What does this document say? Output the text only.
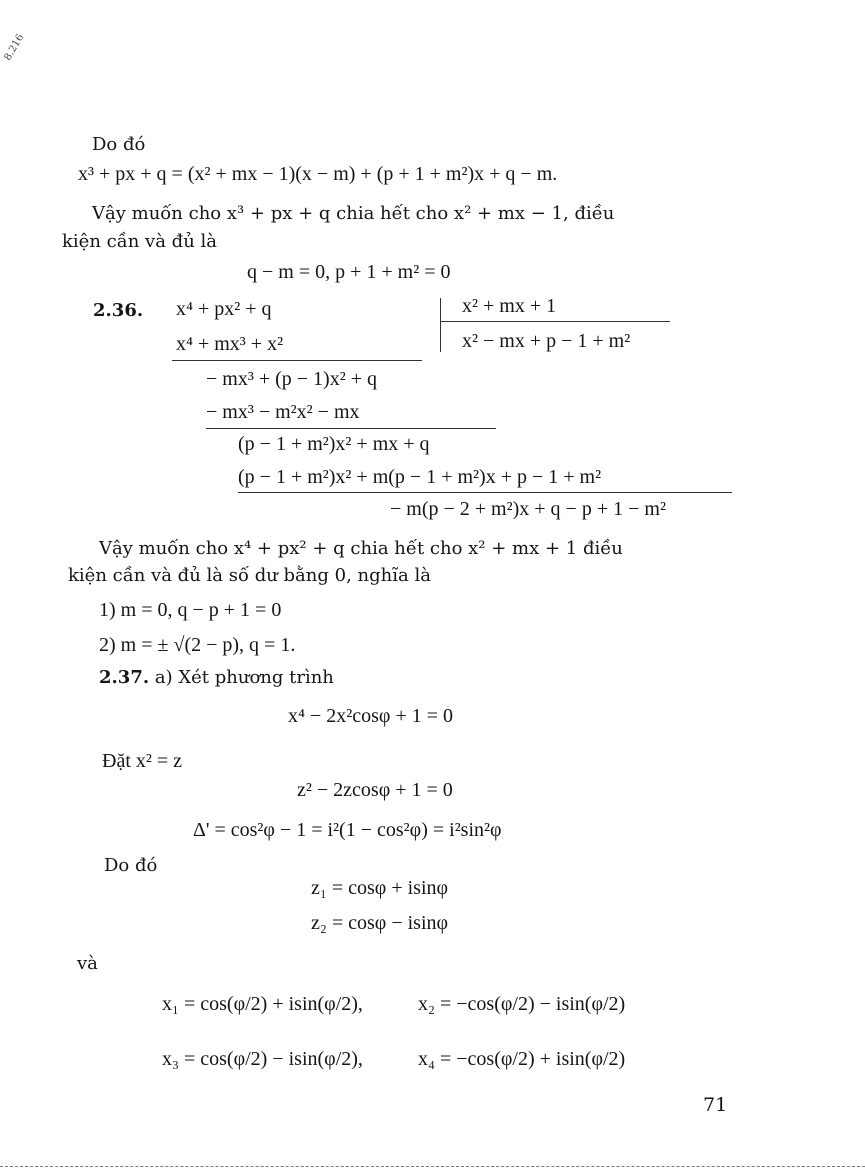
8.216
Do đó
x³ + px + q = (x² + mx − 1)(x − m) + (p + 1 + m²)x + q − m.
Vậy muốn cho x³ + px + q chia hết cho x² + mx − 1, điều
kiện cần và đủ là
q − m = 0, p + 1 + m² = 0
2.36. x⁴ + px² + q
x⁴ + mx³ + x²
− mx³ + (p − 1)x² + q
− mx³ − m²x² − mx
(p − 1 + m²)x² + mx + q
(p − 1 + m²)x² + m(p − 1 + m²)x + p − 1 + m²
− m(p − 2 + m²)x + q − p + 1 − m²
x² + mx + 1
x² − mx + p − 1 + m²
Vậy muốn cho x⁴ + px² + q chia hết cho x² + mx + 1 điều
kiện cần và đủ là số dư bằng 0, nghĩa là
1) m = 0, q − p + 1 = 0
2) m = ± √(2 − p), q = 1.
2.37. a) Xét phương trình
x⁴ − 2x²cosφ + 1 = 0
Đặt x² = z
z² − 2zcosφ + 1 = 0
Δ' = cos²φ − 1 = i²(1 − cos²φ) = i²sin²φ
Do đó
z₁ = cosφ + isinφ
z₂ = cosφ − isinφ
và
x₁ = cos(φ/2) + isin(φ/2),	x₂ = −cos(φ/2) − isin(φ/2)
x₃ = cos(φ/2) − isin(φ/2),	x₄ = −cos(φ/2) + isin(φ/2)
71
